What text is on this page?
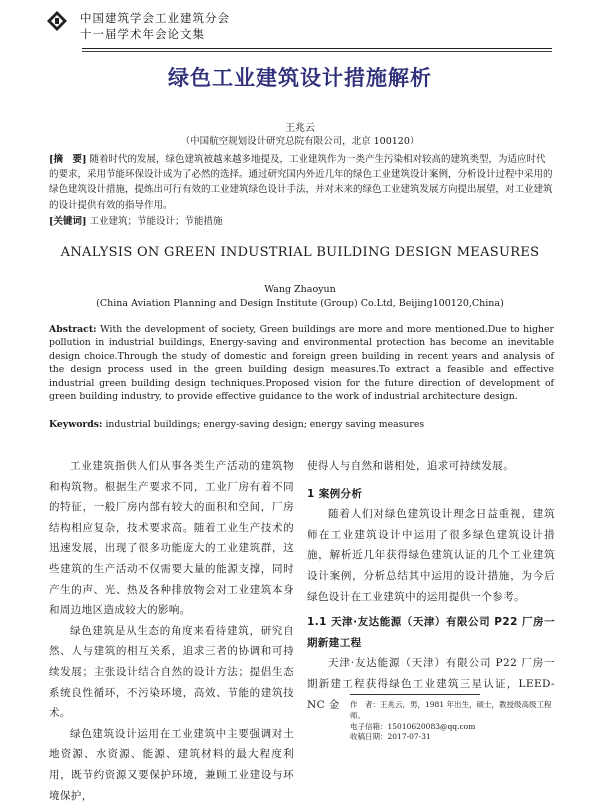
中国建筑学会工业建筑分会
十一届学术年会论文集
绿色工业建筑设计措施解析
王兆云
（中国航空规划设计研究总院有限公司，北京 100120）
[摘　要] 随着时代的发展，绿色建筑被越来越多地提及，工业建筑作为一类产生污染相对较高的建筑类型，为适应时代的要求，采用节能环保设计成为了必然的选择。通过研究国内外近几年的绿色工业建筑设计案例，分析设计过程中采用的绿色建筑设计措施，提炼出可行有效的工业建筑绿色设计手法，并对未来的绿色工业建筑发展方向提出展望，对工业建筑的设计提供有效的指导作用。
[关键词] 工业建筑；节能设计；节能措施
ANALYSIS ON GREEN INDUSTRIAL BUILDING DESIGN MEASURES
Wang Zhaoyun
(China Aviation Planning and Design Institute (Group) Co.Ltd, Beijing100120,China)
Abstract: With the development of society, Green buildings are more and more mentioned.Due to higher pollution in industrial buildings, Energy-saving and environmental protection has become an inevitable design choice.Through the study of domestic and foreign green building in recent years and analysis of the design process used in the green building design measures.To extract a feasible and effective industrial green building design techniques.Proposed vision for the future direction of development of green building industry, to provide effective guidance to the work of industrial architecture design.
Keywords: industrial buildings; energy-saving design; energy saving measures

工业建筑指供人们从事各类生产活动的建筑物和构筑物。根据生产要求不同，工业厂房有着不同的特征，一般厂房内部有较大的面积和空间，厂房结构相应复杂，技术要求高。随着工业生产技术的迅速发展，出现了很多功能庞大的工业建筑群，这些建筑的生产活动不仅需要大量的能源支撑，同时产生的声、光、热及各种排放物会对工业建筑本身和周边地区造成较大的影响。

绿色建筑是从生态的角度来看待建筑，研究自然、人与建筑的相互关系，追求三者的协调和可持续发展；主张设计结合自然的设计方法；提倡生态系统良性循环，不污染环境，高效、节能的建筑技术。

绿色建筑设计运用在工业建筑中主要强调对土地资源、水资源、能源、建筑材料的最大程度利用，既节约资源又要保护环境，兼顾工业建设与环境保护，

使得人与自然和谐相处，追求可持续发展。

1 案例分析

随着人们对绿色建筑设计理念日益重视，建筑师在工业建筑设计中运用了很多绿色建筑设计措施，解析近几年获得绿色建筑认证的几个工业建筑设计案例，分析总结其中运用的设计措施，为今后绿色设计在工业建筑中的运用提供一个参考。

1.1 天津·友达能源（天津）有限公司 P22 厂房一期新建工程

天津·友达能源（天津）有限公司 P22 厂房一期新建工程获得绿色工业建筑三星认证，LEED-NC 金	作　者：王兆云，男，1981 年出生，硕士，教授级高级工程师。
电子信箱：15010620083@qq.com
收稿日期：2017-07-31
